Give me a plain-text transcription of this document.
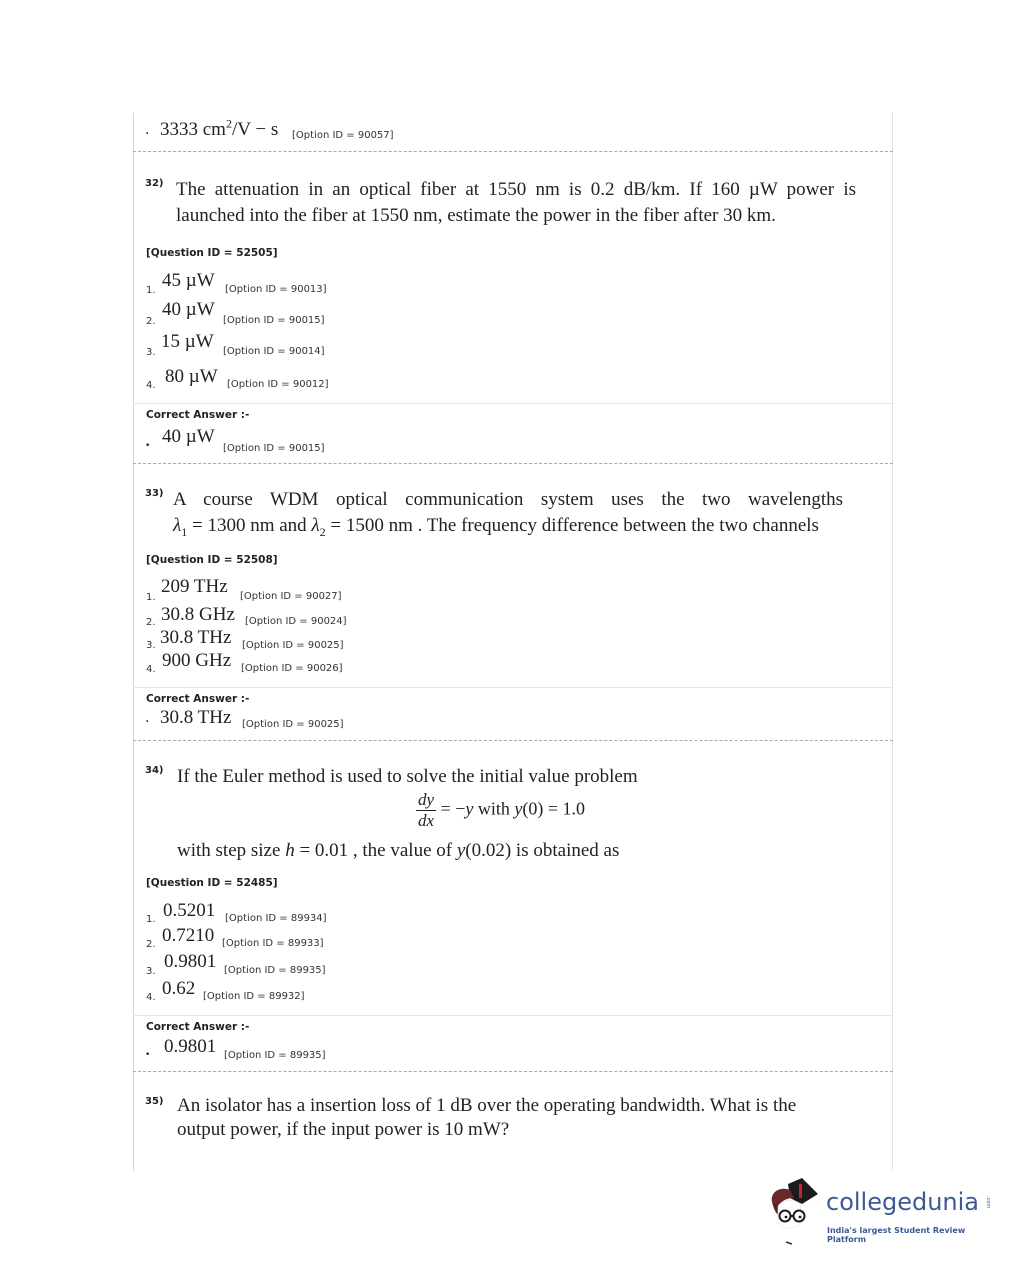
. 3333 $cm^2/V - s$ [Option ID = 90057]
32) The attenuation in an optical fiber at 1550 nm is 0.2 dB/km. If 160 µW power is
launched into the fiber at 1550 nm, estimate the power in the fiber after 30 km.
[Question ID = 52505]
1. 45 µW [Option ID = 90013]
2.
40 µW
[Option ID = 90015]
3.
15 µW [Option ID = 90014]
4. 80 µW [Option ID = 90012]
Correct Answer :-
• 40 µW
[Option ID = 90015]
33) A course WDM optical communication system uses the two wavelengths
$\lambda_1 = 1300$ nm and $\lambda_2 = 1500$ nm . The frequency difference between the two channels
[Question ID = 52508]
1.
209 THz [Option ID = 90027]
2. 30.8 GHz [Option ID = 90024]
3. 30.8 THz [Option ID = 90025]
4. 900 GHz [Option ID = 90026]
Correct Answer :-
. 30.8 THz [Option ID = 90025]
34) If the Euler method is used to solve the initial value problem
$\frac{dy}{dx} = -y$ with y(0) = 1.0
with step size h = 0.01 , the value of y(0.02) is obtained as
[Question ID = 52485]
1. 0.5201 [Option ID = 89934]
2. 0.7210 [Option ID = 89933]
3. 0.9801 [Option ID = 89935]
4. 0.62 [Option ID = 89932]
Correct Answer :-
• 0.9801 [Option ID = 89935]
35) An isolator has a insertion loss of 1 dB over the operating bandwidth. What is the
output power, if the input power is 10 mW?
collegedunia .com
India's largest Student Review Platform
